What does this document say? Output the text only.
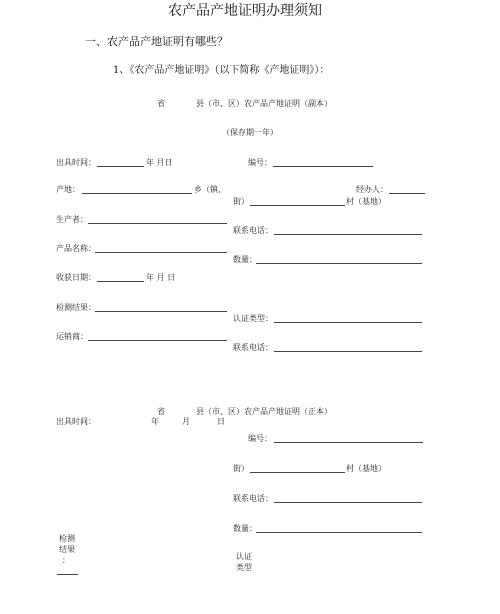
农产品产地证明办理须知
一、农产品产地证明有哪些？
1、《农产品产地证明》（以下简称《产地证明》）：
省	县（市、区）农产品产地证明（副本）
（保存期一年）
出具时间：	年 月日	编号：
产地：	乡（镇、	经办人：
街）	村（基地）
生产者：
联系电话：
产品名称：
数量：
收获日期：	年 月 日
检测结果：
认证类型：
运销商：
联系电话：
省	县（市、区）农产品产地证明（正本）
出具时间：	年	月	日
编号：
街）	村（基地）
联系电话：
数量：
检测
结果
：	认证
类型
